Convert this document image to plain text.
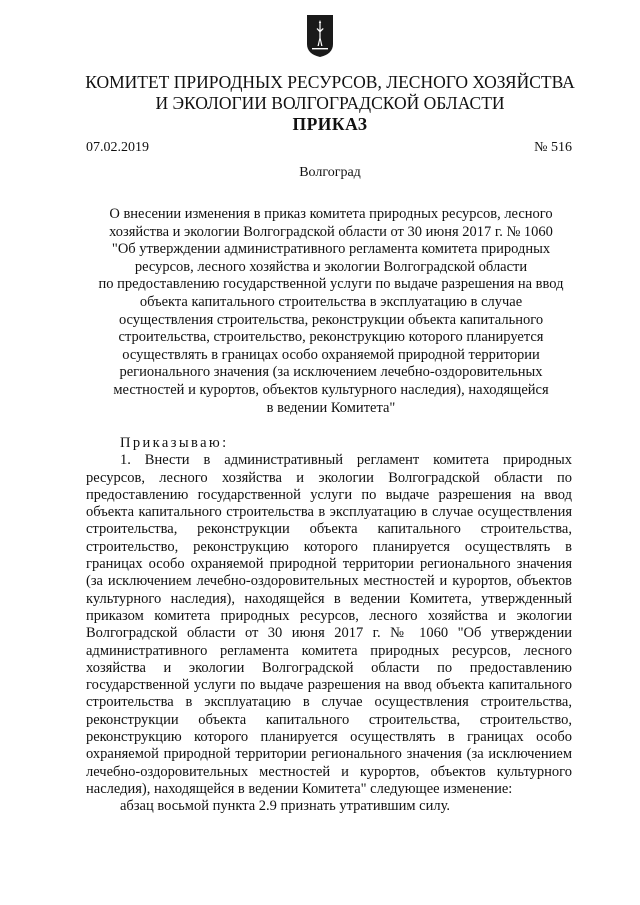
КОМИТЕТ ПРИРОДНЫХ РЕСУРСОВ, ЛЕСНОГО ХОЗЯЙСТВА
И ЭКОЛОГИИ ВОЛГОГРАДСКОЙ ОБЛАСТИ
ПРИКАЗ
07.02.2019	№ 516
Волгоград
О внесении изменения в приказ комитета природных ресурсов, лесного
хозяйства и экологии Волгоградской области от 30 июня 2017 г. № 1060
"Об утверждении административного регламента комитета природных
ресурсов, лесного хозяйства и экологии Волгоградской области
по предоставлению государственной услуги по выдаче разрешения на ввод
объекта капитального строительства в эксплуатацию в случае
осуществления строительства, реконструкции объекта капитального
строительства, строительство, реконструкцию которого планируется
осуществлять в границах особо охраняемой природной территории
регионального значения (за исключением лечебно-оздоровительных
местностей и курортов, объектов культурного наследия), находящейся
в ведении Комитета"
Приказываю:
1. Внести в административный регламент комитета природных ресурсов, лесного хозяйства и экологии Волгоградской области по предоставлению государственной услуги по выдаче разрешения на ввод объекта капитального строительства в эксплуатацию в случае осуществления строительства, реконструкции объекта капитального строительства, строительство, реконструкцию которого планируется осуществлять в границах особо охраняемой природной территории регионального значения (за исключением лечебно-оздоровительных местностей и курортов, объектов культурного наследия), находящейся в ведении Комитета, утвержденный приказом комитета природных ресурсов, лесного хозяйства и экологии Волгоградской области от 30 июня 2017 г. № 1060 "Об утверждении административного регламента комитета природных ресурсов, лесного хозяйства и экологии Волгоградской области по предоставлению государственной услуги по выдаче разрешения на ввод объекта капитального строительства в эксплуатацию в случае осуществления строительства, реконструкции объекта капитального строительства, строительство, реконструкцию которого планируется осуществлять в границах особо охраняемой природной территории регионального значения (за исключением лечебно-оздоровительных местностей и курортов, объектов культурного наследия), находящейся в ведении Комитета" следующее изменение:
абзац восьмой пункта 2.9 признать утратившим силу.
